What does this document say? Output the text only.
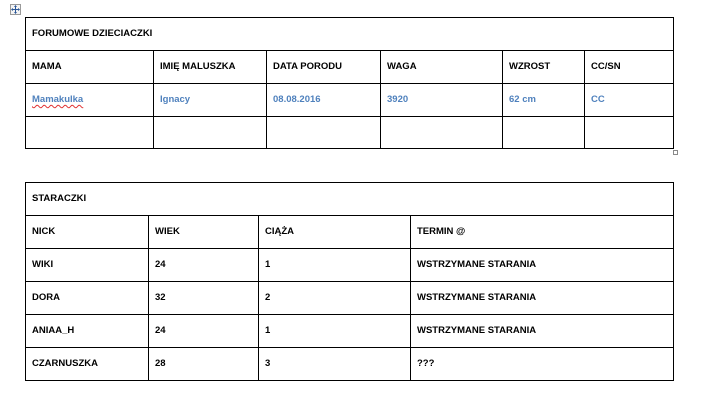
FORUMOWE DZIECIACZKI					
MAMA	IMIĘ MALUSZKA	DATA PORODU	WAGA	WZROST	CC/SN
Mamakulka	Ignacy	08.08.2016	3920	62 cm	CC

STARACZKI			
NICK	WIEK	CIĄŻA	TERMIN @
WIKI	24	1	WSTRZYMANE STARANIA
DORA	32	2	WSTRZYMANE STARANIA
ANIAA_H	24	1	WSTRZYMANE STARANIA
CZARNUSZKA	28	3	???
